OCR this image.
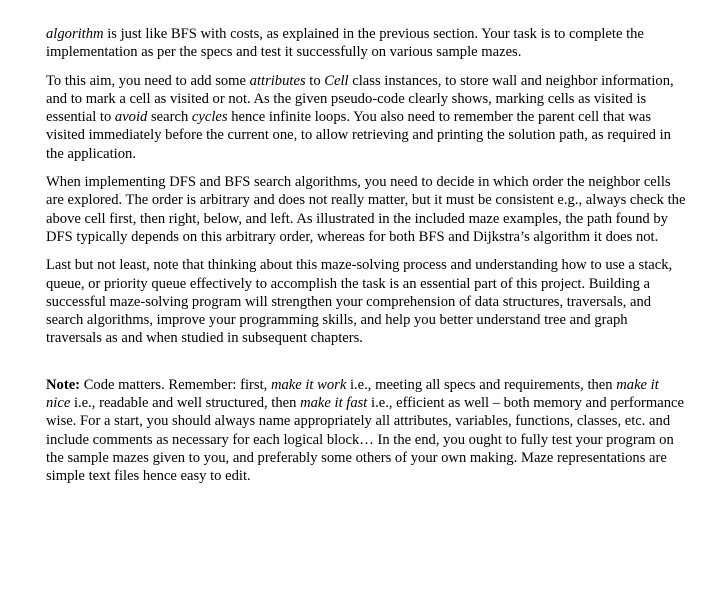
algorithm is just like BFS with costs, as explained in the previous section. Your task is to complete the implementation as per the specs and test it successfully on various sample mazes.

To this aim, you need to add some attributes to Cell class instances, to store wall and neighbor information, and to mark a cell as visited or not. As the given pseudo-code clearly shows, marking cells as visited is essential to avoid search cycles hence infinite loops. You also need to remember the parent cell that was visited immediately before the current one, to allow retrieving and printing the solution path, as required in the application.

When implementing DFS and BFS search algorithms, you need to decide in which order the neighbor cells are explored. The order is arbitrary and does not really matter, but it must be consistent e.g., always check the above cell first, then right, below, and left. As illustrated in the included maze examples, the path found by DFS typically depends on this arbitrary order, whereas for both BFS and Dijkstra’s algorithm it does not.

Last but not least, note that thinking about this maze-solving process and understanding how to use a stack, queue, or priority queue effectively to accomplish the task is an essential part of this project. Building a successful maze-solving program will strengthen your comprehension of data structures, traversals, and search algorithms, improve your programming skills, and help you better understand tree and graph traversals as and when studied in subsequent chapters.

Note: Code matters. Remember: first, make it work i.e., meeting all specs and requirements, then make it nice i.e., readable and well structured, then make it fast i.e., efficient as well – both memory and performance wise. For a start, you should always name appropriately all attributes, variables, functions, classes, etc. and include comments as necessary for each logical block… In the end, you ought to fully test your program on the sample mazes given to you, and preferably some others of your own making. Maze representations are simple text files hence easy to edit.
